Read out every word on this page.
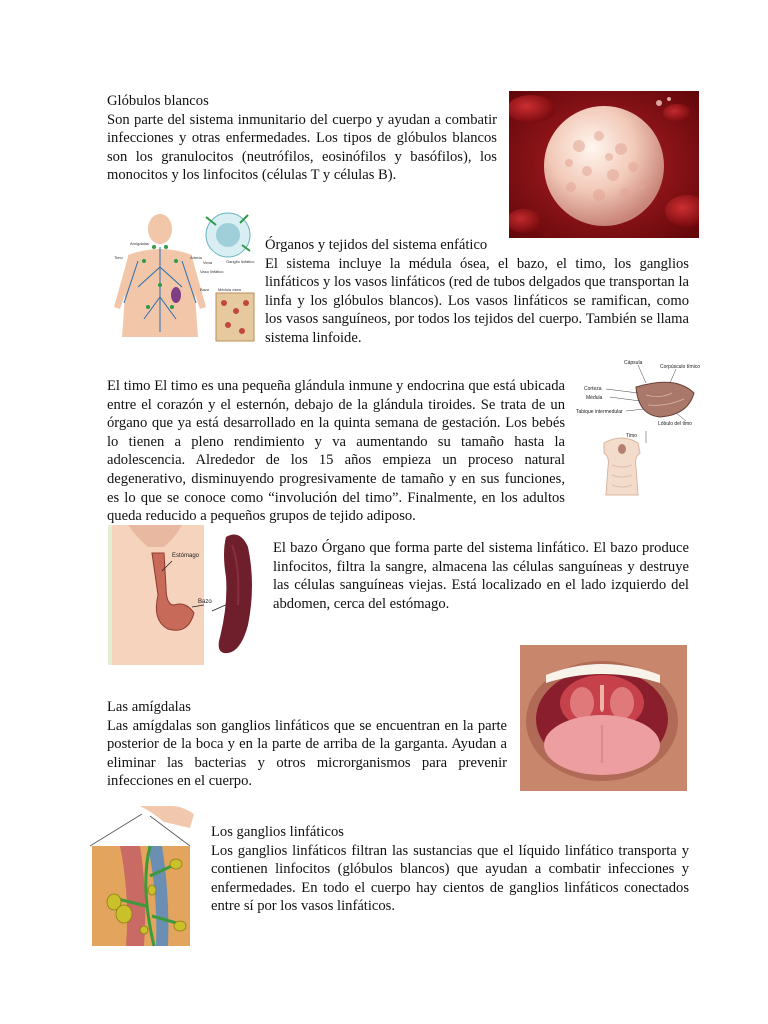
Glóbulos blancos

Son parte del sistema inmunitario del cuerpo y ayudan a combatir infecciones y otras enfermedades. Los tipos de glóbulos blancos son los granulocitos (neutrófilos, eosinófilos y basófilos), los monocitos y los linfocitos (células T y células B).

Amígdalas
Timo	Arteria
Vena	Ganglio linfático
Vaso linfático
Bazo Médula ósea

Órganos y tejidos del sistema enfático

El sistema incluye la médula ósea, el bazo, el timo, los ganglios linfáticos y los vasos linfáticos (red de tubos delgados que transportan la linfa y los glóbulos blancos). Los vasos linfáticos se ramifican, como los vasos sanguíneos, por todos los tejidos del cuerpo. También se llama sistema linfoide.

El timo El timo es una pequeña glándula inmune y endocrina que está ubicada entre el corazón y el esternón, debajo de la glándula tiroides. Se trata de un órgano que ya está desarrollado en la quinta semana de gestación. Los bebés lo tienen a pleno rendimiento y va aumentando su tamaño hasta la adolescencia. Alrededor de los 15 años empieza un proceso natural degenerativo, disminuyendo progresivamente de tamaño y en sus funciones, es lo que se conoce como “involución del timo”. Finalmente, en los adultos queda reducido a pequeños grupos de tejido adiposo.

Cápsula
Corpúsculo tímico
Corteza
Médula
Tabique intermedular
Lóbulo del timo
Timo
Estómago
Bazo

El bazo Órgano que forma parte del sistema linfático. El bazo produce linfocitos, filtra la sangre, almacena las células sanguíneas y destruye las células sanguíneas viejas. Está localizado en el lado izquierdo del abdomen, cerca del estómago.

Las amígdalas

Las amígdalas son ganglios linfáticos que se encuentran en la parte posterior de la boca y en la parte de arriba de la garganta. Ayudan a eliminar las bacterias y otros microrganismos para prevenir infecciones en el cuerpo.

Los ganglios linfáticos

Los ganglios linfáticos filtran las sustancias que el líquido linfático transporta y contienen linfocitos (glóbulos blancos) que ayudan a combatir infecciones y enfermedades. En todo el cuerpo hay cientos de ganglios linfáticos conectados entre sí por los vasos linfáticos.
